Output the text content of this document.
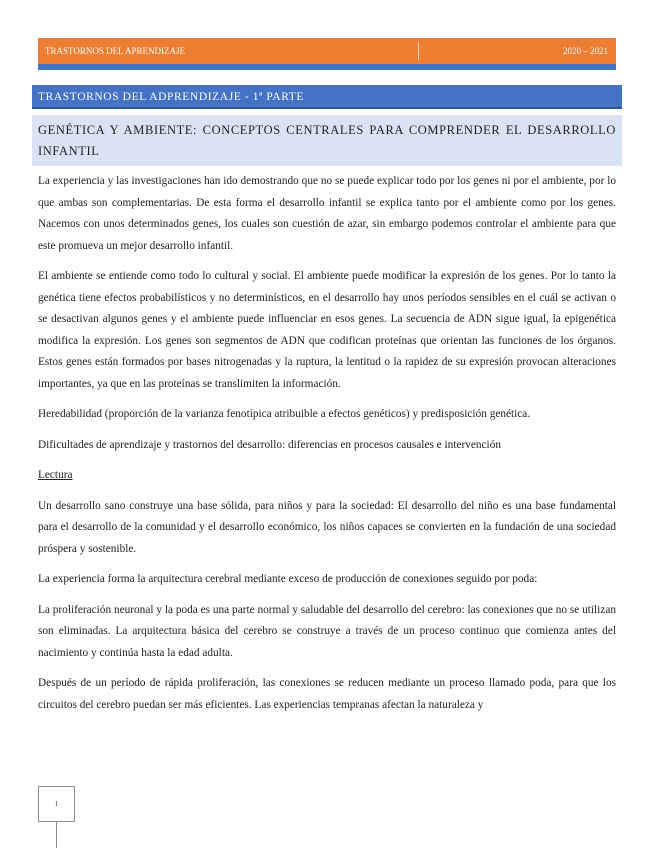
TRASTORNOS DEL APRENDIZAJE	2020 – 2021
TRASTORNOS DEL ADPRENDIZAJE - 1ª PARTE
GENÉTICA Y AMBIENTE: CONCEPTOS CENTRALES PARA COMPRENDER EL DESARROLLO INFANTIL

La experiencia y las investigaciones han ido demostrando que no se puede explicar todo por los genes ni por el ambiente, por lo que ambas son complementarias. De esta forma el desarrollo infantil se explica tanto por el ambiente como por los genes. Nacemos con unos determinados genes, los cuales son cuestión de azar, sin embargo podemos controlar el ambiente para que este promueva un mejor desarrollo infantil.

El ambiente se entiende como todo lo cultural y social. El ambiente puede modificar la expresión de los genes. Por lo tanto la genética tiene efectos probabilísticos y no determinísticos, en el desarrollo hay unos períodos sensibles en el cuál se activan o se desactivan algunos genes y el ambiente puede influenciar en esos genes. La secuencia de ADN sigue igual, la epigenética modifica la expresión. Los genes son segmentos de ADN que codifican proteínas que orientan las funciones de los órganos. Estos genes están formados por bases nitrogenadas y la ruptura, la lentitud o la rapidez de su expresión provocan alteraciones importantes, ya que en las proteínas se translimiten la información.

Heredabilidad (proporción de la varianza fenotípica atribuible a efectos genéticos) y predisposición genética.

Dificultades de aprendizaje y trastornos del desarrollo: diferencias en procesos causales e intervención

Lectura

Un desarrollo sano construye una base sólida, para niños y para la sociedad: El desarrollo del niño es una base fundamental para el desarrollo de la comunidad y el desarrollo económico, los niños capaces se convierten en la fundación de una sociedad próspera y sostenible.

La experiencia forma la arquitectura cerebral mediante exceso de producción de conexiones seguido por poda:

La proliferación neuronal y la poda es una parte normal y saludable del desarrollo del cerebro: las conexiones que no se utilizan son eliminadas. La arquitectura básica del cerebro se construye a través de un proceso continuo que comienza antes del nacimiento y continúa hasta la edad adulta.

Después de un período de rápida proliferación, las conexiones se reducen mediante un proceso llamado poda, para que los circuitos del cerebro puedan ser más eficientes. Las experiencias tempranas afectan la naturaleza y

1
